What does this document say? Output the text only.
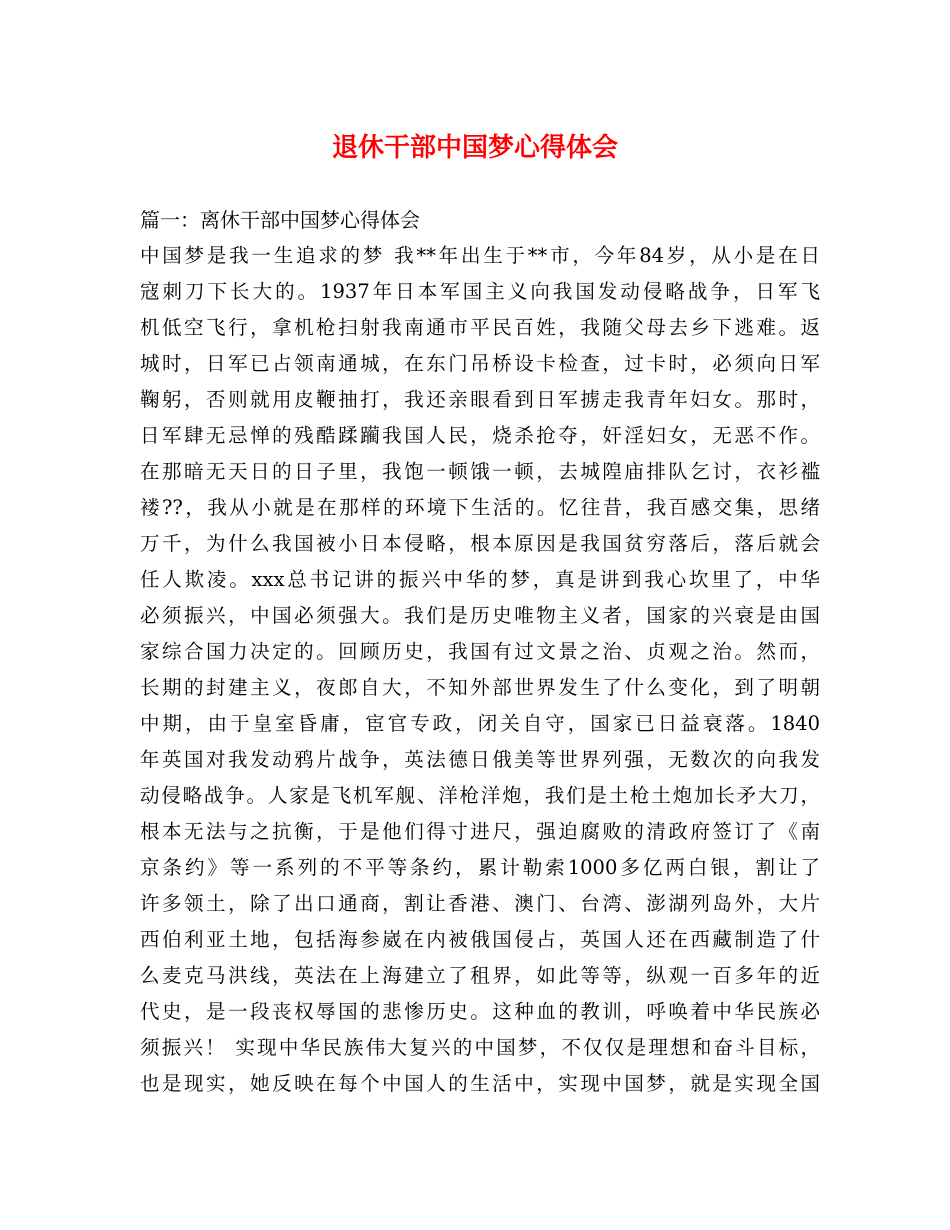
退休干部中国梦心得体会

篇一：离休干部中国梦心得体会

中国梦是我一生追求的梦 我**年出生于**市，今年84岁，从小是在日
寇刺刀下长大的。1937年日本军国主义向我国发动侵略战争，日军飞
机低空飞行，拿机枪扫射我南通市平民百姓，我随父母去乡下逃难。返
城时，日军已占领南通城，在东门吊桥设卡检查，过卡时，必须向日军
鞠躬，否则就用皮鞭抽打，我还亲眼看到日军掳走我青年妇女。那时，
日军肆无忌惮的残酷蹂躏我国人民，烧杀抢夺，奸淫妇女，无恶不作。
在那暗无天日的日子里，我饱一顿饿一顿，去城隍庙排队乞讨，衣衫褴
褛??，我从小就是在那样的环境下生活的。忆往昔，我百感交集，思绪
万千，为什么我国被小日本侵略，根本原因是我国贫穷落后，落后就会
任人欺凌。xxx总书记讲的振兴中华的梦，真是讲到我心坎里了，中华
必须振兴，中国必须强大。我们是历史唯物主义者，国家的兴衰是由国
家综合国力决定的。回顾历史，我国有过文景之治、贞观之治。然而，
长期的封建主义，夜郎自大，不知外部世界发生了什么变化，到了明朝
中期，由于皇室昏庸，宦官专政，闭关自守，国家已日益衰落。1840
年英国对我发动鸦片战争，英法德日俄美等世界列强，无数次的向我发
动侵略战争。人家是飞机军舰、洋枪洋炮，我们是土枪土炮加长矛大刀，
根本无法与之抗衡，于是他们得寸进尺，强迫腐败的清政府签订了《南
京条约》等一系列的不平等条约，累计勒索1000多亿两白银，割让了
许多领土，除了出口通商，割让香港、澳门、台湾、澎湖列岛外，大片
西伯利亚土地，包括海参崴在内被俄国侵占，英国人还在西藏制造了什
么麦克马洪线，英法在上海建立了租界，如此等等，纵观一百多年的近
代史，是一段丧权辱国的悲惨历史。这种血的教训，呼唤着中华民族必
须振兴！ 实现中华民族伟大复兴的中国梦，不仅仅是理想和奋斗目标，
也是现实，她反映在每个中国人的生活中，实现中国梦，就是实现全国
